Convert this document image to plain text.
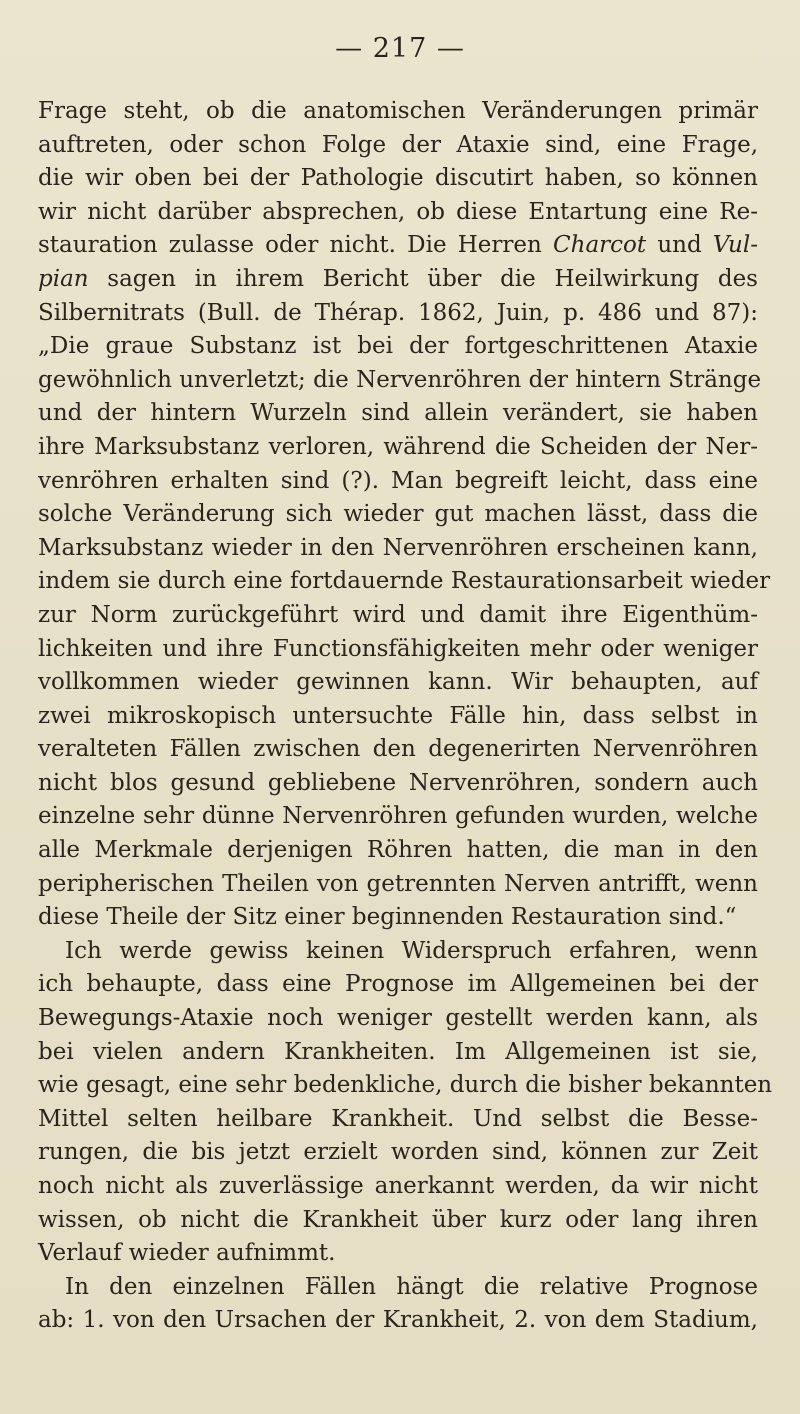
— 217 —
Frage steht, ob die anatomischen Veränderungen primär
auftreten, oder schon Folge der Ataxie sind, eine Frage,
die wir oben bei der Pathologie discutirt haben, so können
wir nicht darüber absprechen, ob diese Entartung eine Re-
stauration zulasse oder nicht. Die Herren Charcot und Vul-
pian sagen in ihrem Bericht über die Heilwirkung des
Silbernitrats (Bull. de Thérap. 1862, Juin, p. 486 und 87):
„Die graue Substanz ist bei der fortgeschrittenen Ataxie
gewöhnlich unverletzt; die Nervenröhren der hintern Stränge
und der hintern Wurzeln sind allein verändert, sie haben
ihre Marksubstanz verloren, während die Scheiden der Ner-
venröhren erhalten sind (?). Man begreift leicht, dass eine
solche Veränderung sich wieder gut machen lässt, dass die
Marksubstanz wieder in den Nervenröhren erscheinen kann,
indem sie durch eine fortdauernde Restaurationsarbeit wieder
zur Norm zurückgeführt wird und damit ihre Eigenthüm-
lichkeiten und ihre Functionsfähigkeiten mehr oder weniger
vollkommen wieder gewinnen kann. Wir behaupten, auf
zwei mikroskopisch untersuchte Fälle hin, dass selbst in
veralteten Fällen zwischen den degenerirten Nervenröhren
nicht blos gesund gebliebene Nervenröhren, sondern auch
einzelne sehr dünne Nervenröhren gefunden wurden, welche
alle Merkmale derjenigen Röhren hatten, die man in den
peripherischen Theilen von getrennten Nerven antrifft, wenn
diese Theile der Sitz einer beginnenden Restauration sind.“
Ich werde gewiss keinen Widerspruch erfahren, wenn
ich behaupte, dass eine Prognose im Allgemeinen bei der
Bewegungs-Ataxie noch weniger gestellt werden kann, als
bei vielen andern Krankheiten. Im Allgemeinen ist sie,
wie gesagt, eine sehr bedenkliche, durch die bisher bekannten
Mittel selten heilbare Krankheit. Und selbst die Besse-
rungen, die bis jetzt erzielt worden sind, können zur Zeit
noch nicht als zuverlässige anerkannt werden, da wir nicht
wissen, ob nicht die Krankheit über kurz oder lang ihren
Verlauf wieder aufnimmt.
In den einzelnen Fällen hängt die relative Prognose
ab: 1. von den Ursachen der Krankheit, 2. von dem Stadium,
